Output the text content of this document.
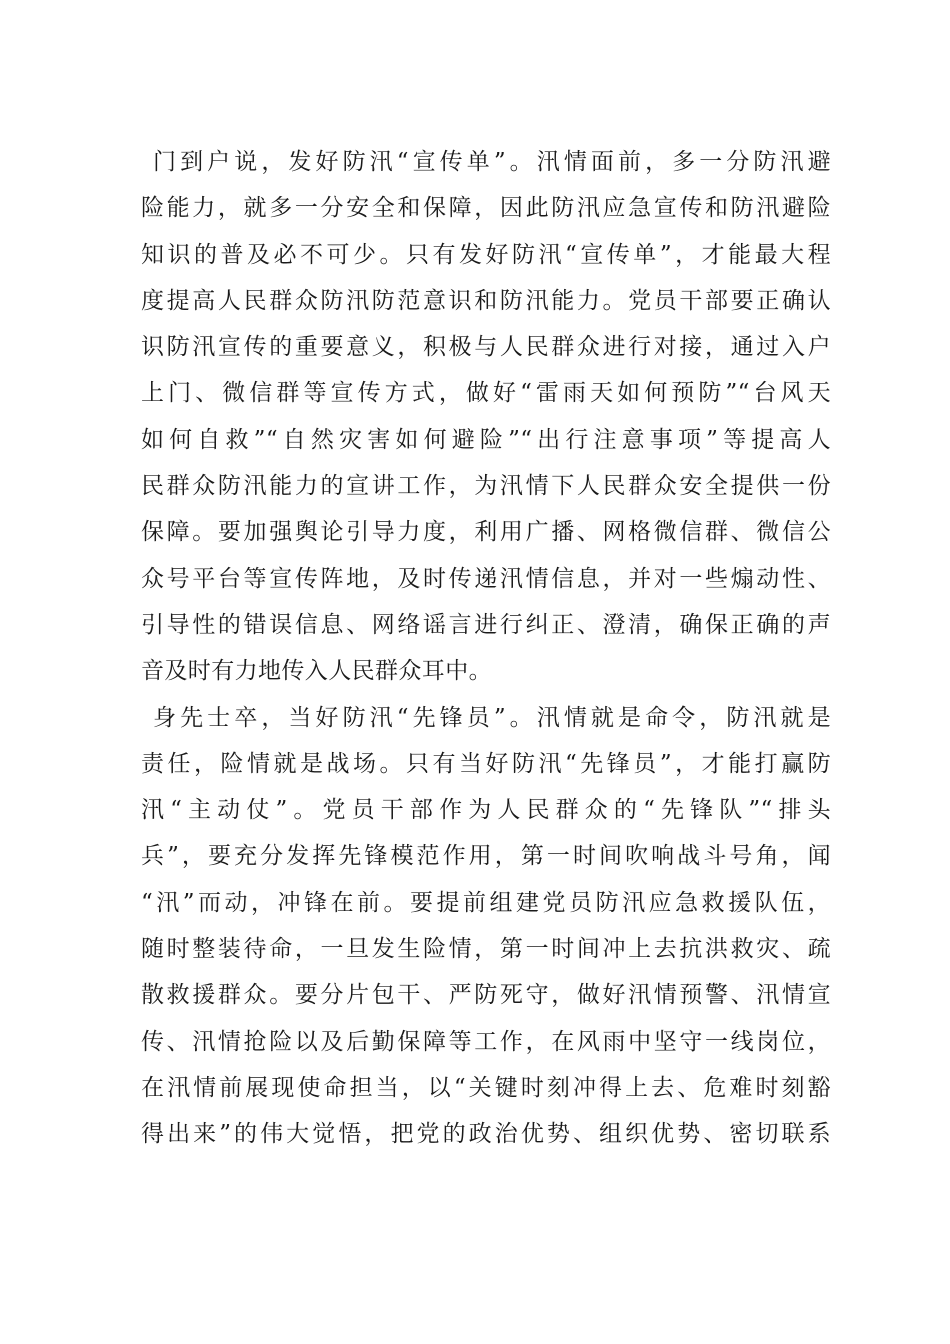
门到户说，发好防汛“宣传单”。汛情面前，多一分防汛避
险能力，就多一分安全和保障，因此防汛应急宣传和防汛避险
知识的普及必不可少。只有发好防汛“宣传单”，才能最大程
度提高人民群众防汛防范意识和防汛能力。党员干部要正确认
识防汛宣传的重要意义，积极与人民群众进行对接，通过入户
上门、微信群等宣传方式，做好“雷雨天如何预防”“台风天
如何自救”“自然灾害如何避险”“出行注意事项”等提高人
民群众防汛能力的宣讲工作，为汛情下人民群众安全提供一份
保障。要加强舆论引导力度，利用广播、网格微信群、微信公
众号平台等宣传阵地，及时传递汛情信息，并对一些煽动性、
引导性的错误信息、网络谣言进行纠正、澄清，确保正确的声
音及时有力地传入人民群众耳中。

身先士卒，当好防汛“先锋员”。汛情就是命令，防汛就是
责任，险情就是战场。只有当好防汛“先锋员”，才能打赢防
汛“主动仗”。党员干部作为人民群众的“先锋队”“排头
兵”，要充分发挥先锋模范作用，第一时间吹响战斗号角，闻
“汛”而动，冲锋在前。要提前组建党员防汛应急救援队伍，
随时整装待命，一旦发生险情，第一时间冲上去抗洪救灾、疏
散救援群众。要分片包干、严防死守，做好汛情预警、汛情宣
传、汛情抢险以及后勤保障等工作，在风雨中坚守一线岗位，
在汛情前展现使命担当，以“关键时刻冲得上去、危难时刻豁
得出来”的伟大觉悟，把党的政治优势、组织优势、密切联系
